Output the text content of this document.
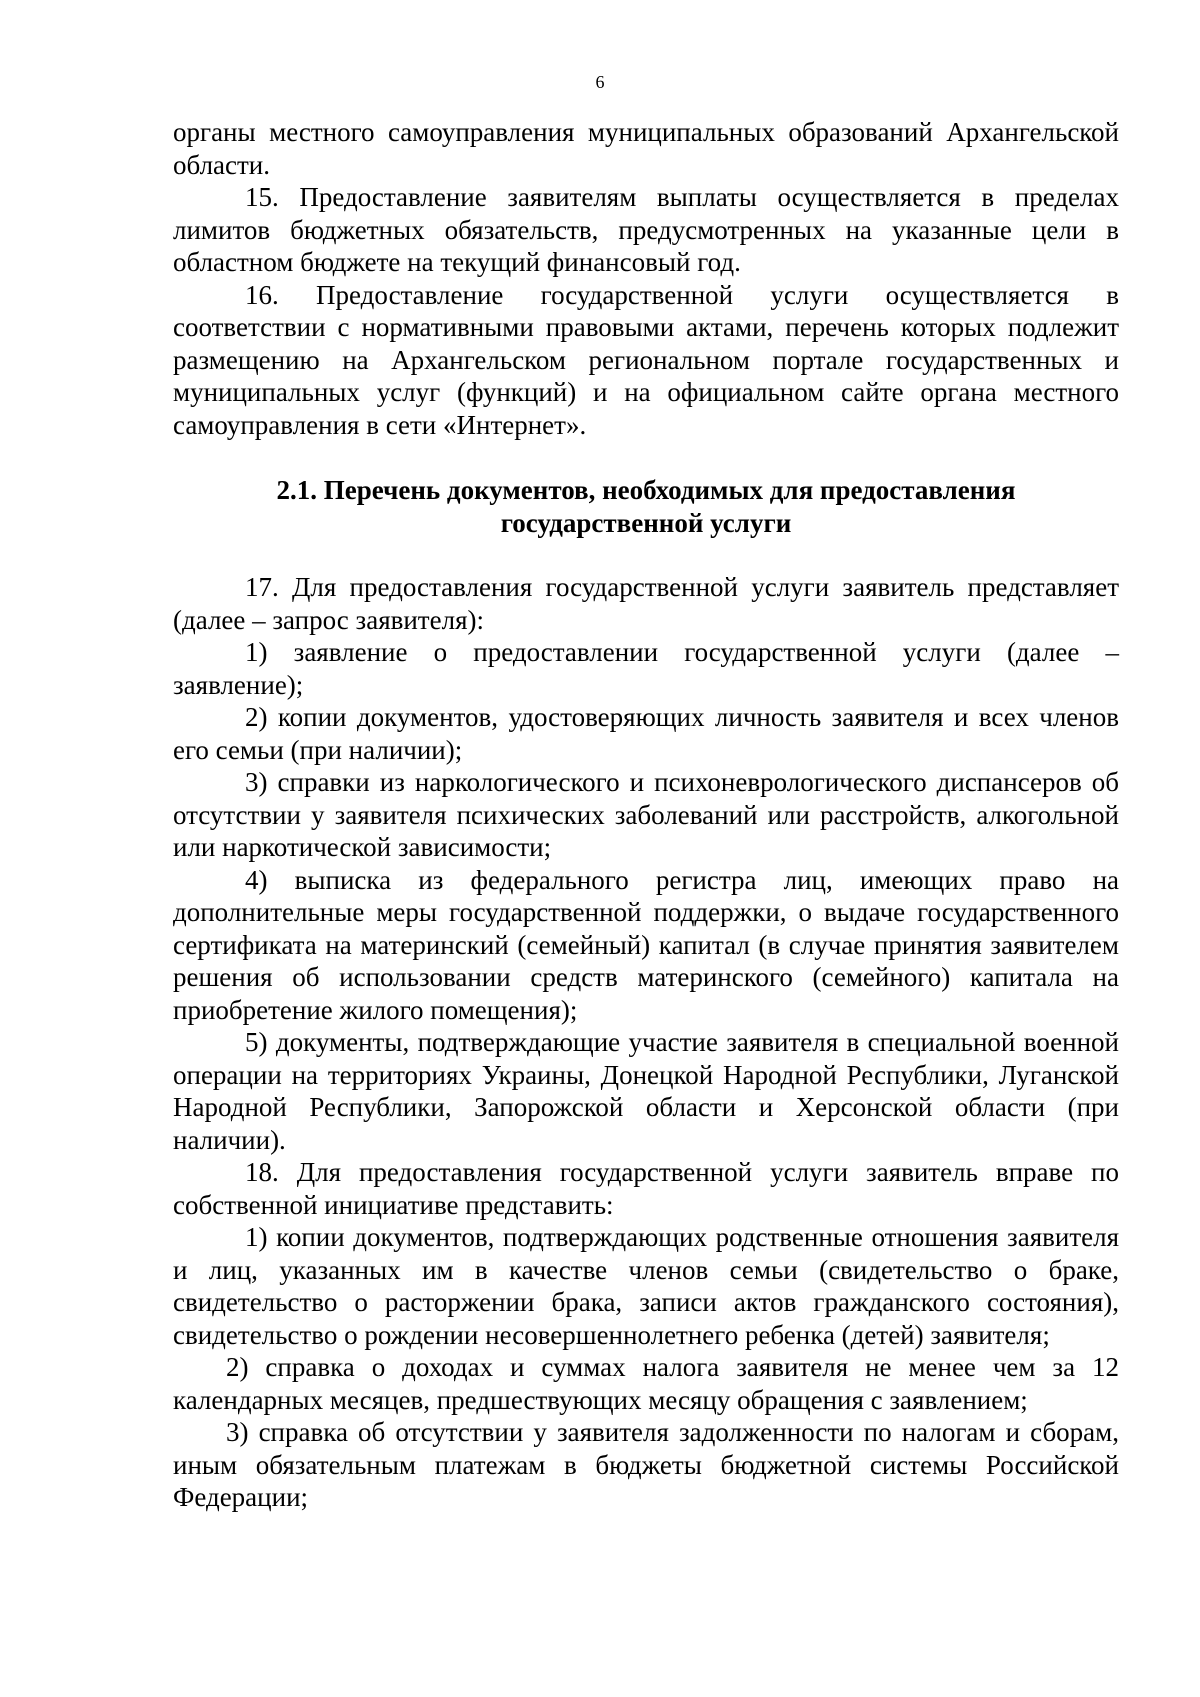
6

органы местного самоуправления муниципальных образований Архангельской области.

15. Предоставление заявителям выплаты осуществляется в пределах лимитов бюджетных обязательств, предусмотренных на указанные цели в областном бюджете на текущий финансовый год.

16. Предоставление государственной услуги осуществляется в соответствии с нормативными правовыми актами, перечень которых подлежит размещению на Архангельском региональном портале государственных и муниципальных услуг (функций) и на официальном сайте органа местного самоуправления в сети «Интернет».

2.1. Перечень документов, необходимых для предоставления
государственной услуги

17. Для предоставления государственной услуги заявитель представляет (далее – запрос заявителя):

1) заявление о предоставлении государственной услуги (далее – заявление);

2) копии документов, удостоверяющих личность заявителя и всех членов его семьи (при наличии);

3) справки из наркологического и психоневрологического диспансеров об отсутствии у заявителя психических заболеваний или расстройств, алкогольной или наркотической зависимости;

4) выписка из федерального регистра лиц, имеющих право на дополнительные меры государственной поддержки, о выдаче государственного сертификата на материнский (семейный) капитал (в случае принятия заявителем решения об использовании средств материнского (семейного) капитала на приобретение жилого помещения);

5) документы, подтверждающие участие заявителя в специальной военной операции на территориях Украины, Донецкой Народной Республики, Луганской Народной Республики, Запорожской области и Херсонской области (при наличии).

18. Для предоставления государственной услуги заявитель вправе по собственной инициативе представить:

1) копии документов, подтверждающих родственные отношения заявителя и лиц, указанных им в качестве членов семьи (свидетельство о браке, свидетельство о расторжении брака, записи актов гражданского состояния), свидетельство о рождении несовершеннолетнего ребенка (детей) заявителя;

2) справка о доходах и суммах налога заявителя не менее чем за 12 календарных месяцев, предшествующих месяцу обращения с заявлением;

3) справка об отсутствии у заявителя задолженности по налогам и сборам, иным обязательным платежам в бюджеты бюджетной системы Российской Федерации;
